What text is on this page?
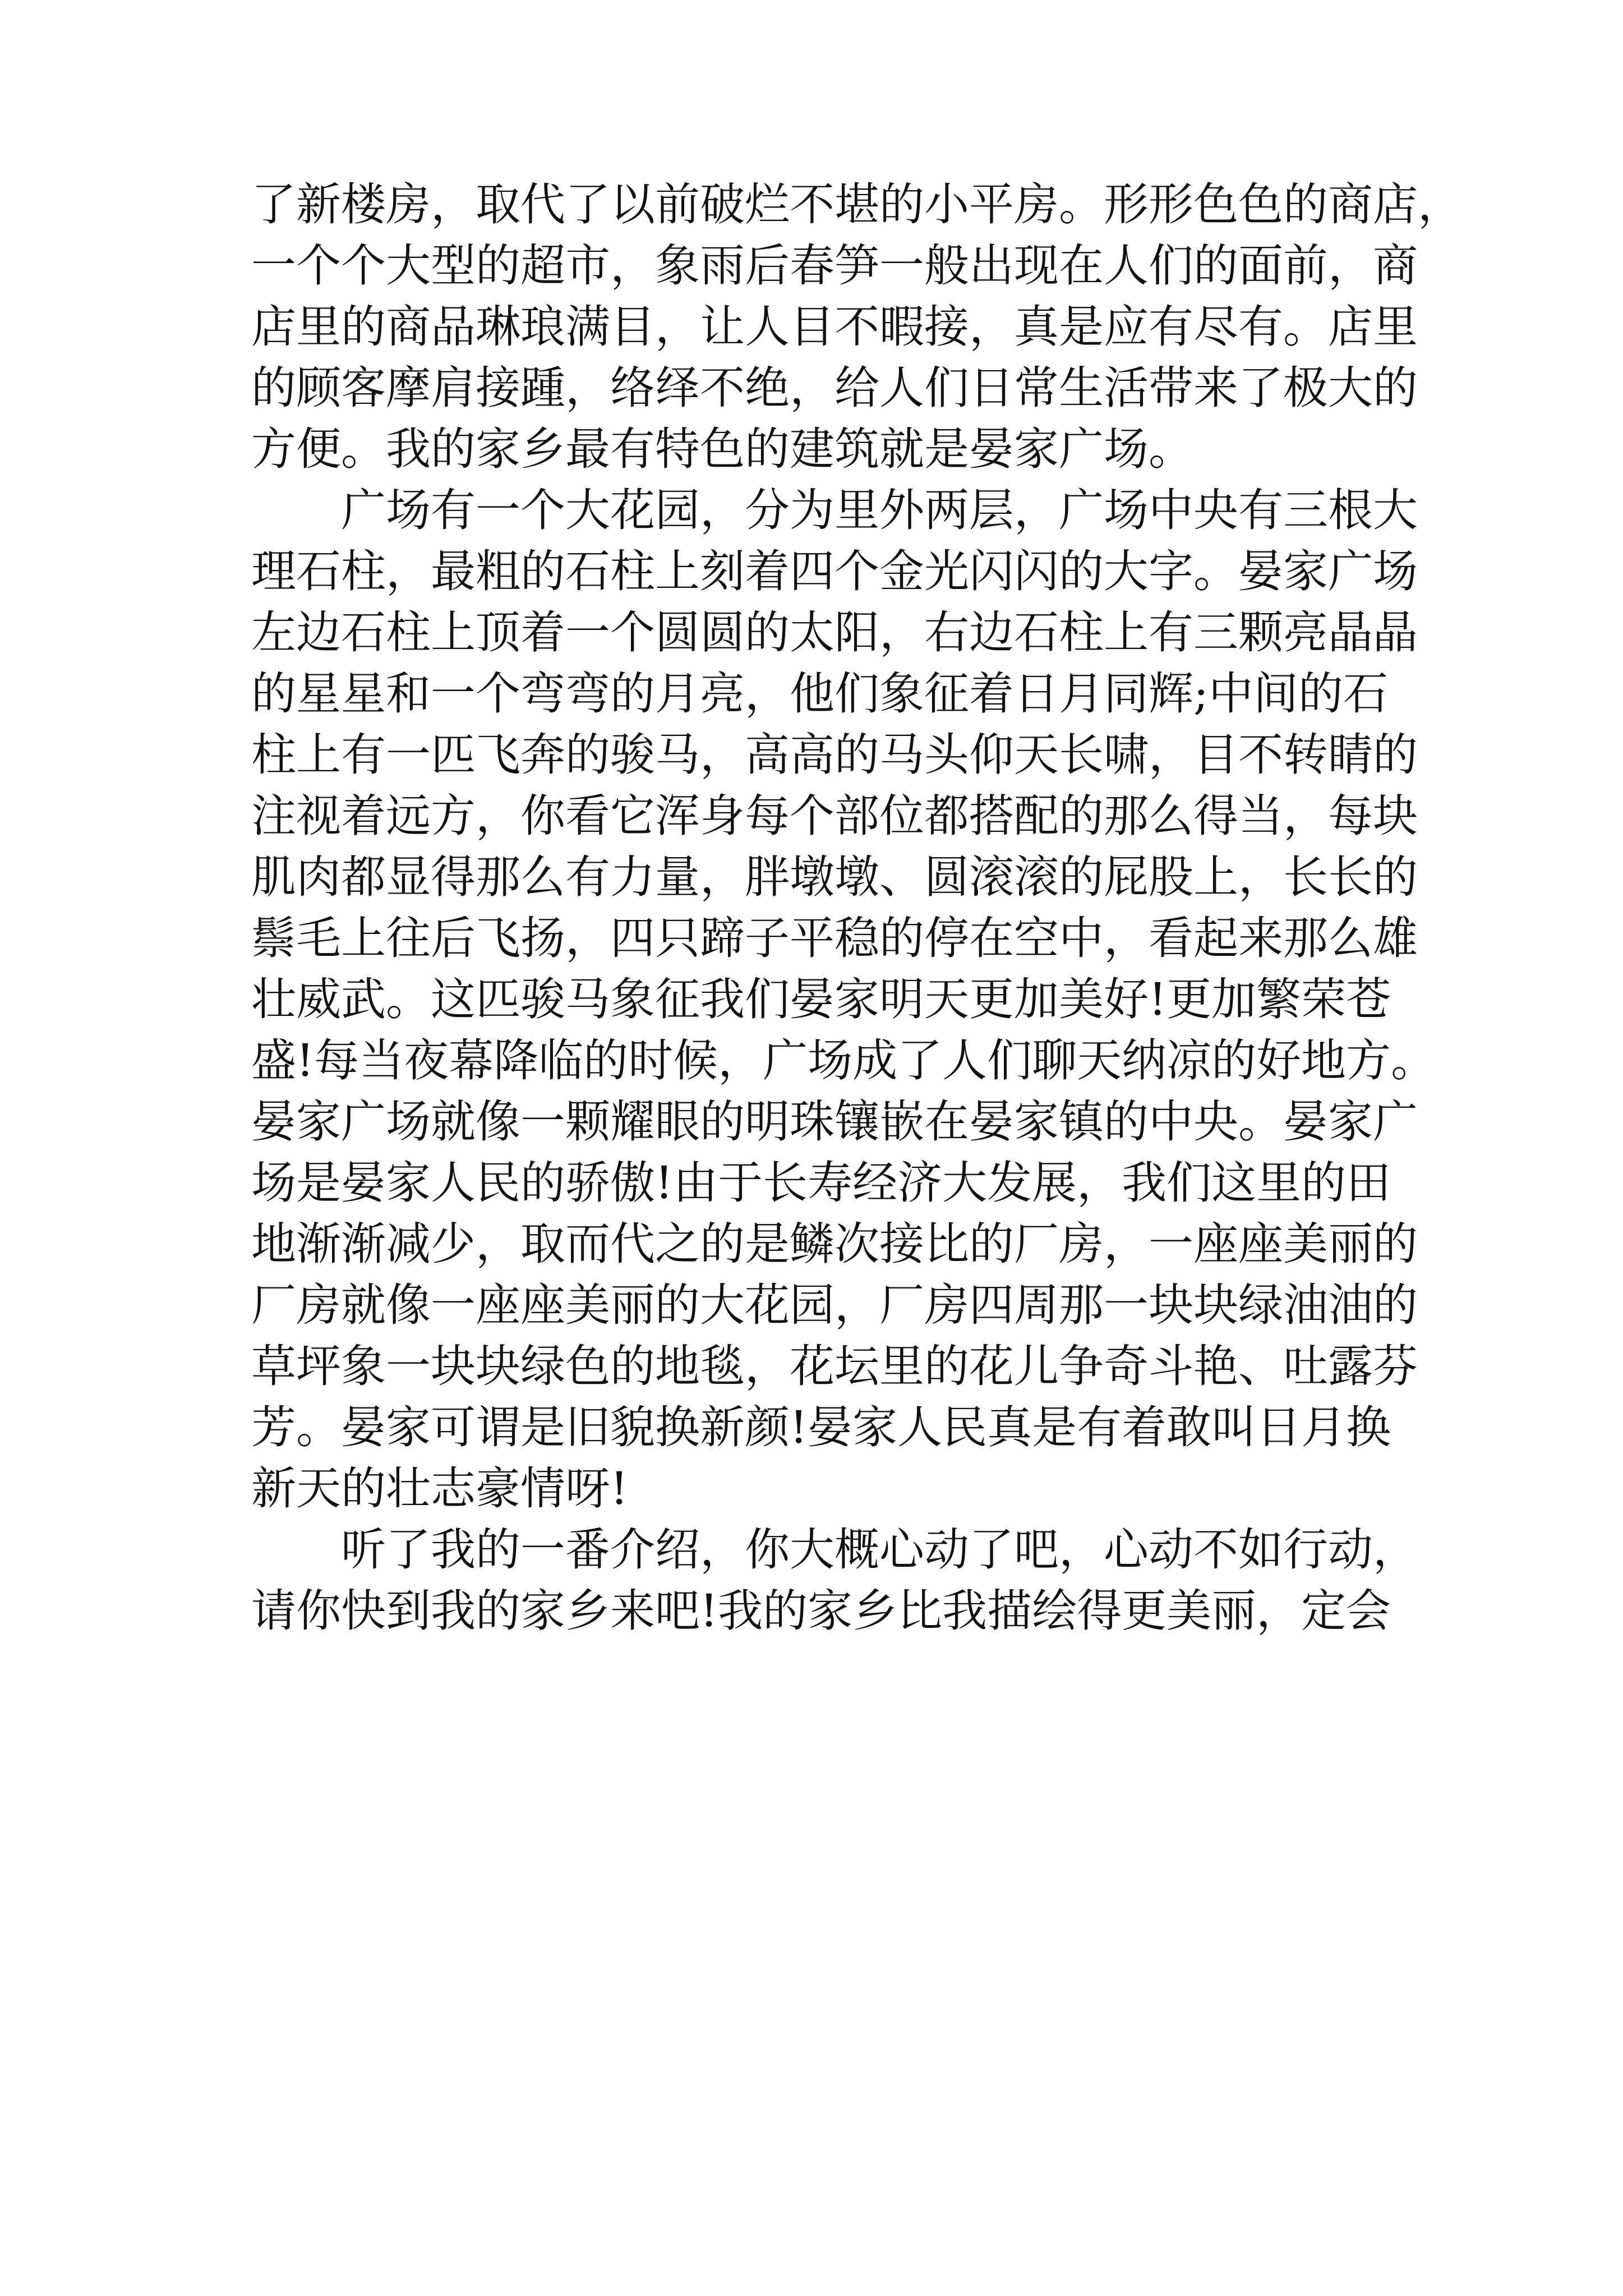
了新楼房，取代了以前破烂不堪的小平房。形形色色的商店，
一个个大型的超市，象雨后春笋一般出现在人们的面前，商
店里的商品琳琅满目，让人目不暇接，真是应有尽有。店里
的顾客摩肩接踵，络绎不绝，给人们日常生活带来了极大的
方便。我的家乡最有特色的建筑就是晏家广场。
　　广场有一个大花园，分为里外两层，广场中央有三根大
理石柱，最粗的石柱上刻着四个金光闪闪的大字。晏家广场
左边石柱上顶着一个圆圆的太阳，右边石柱上有三颗亮晶晶
的星星和一个弯弯的月亮，他们象征着日月同辉;中间的石
柱上有一匹飞奔的骏马，高高的马头仰天长啸，目不转睛的
注视着远方，你看它浑身每个部位都搭配的那么得当，每块
肌肉都显得那么有力量，胖墩墩、圆滚滚的屁股上，长长的
鬃毛上往后飞扬，四只蹄子平稳的停在空中，看起来那么雄
壮威武。这匹骏马象征我们晏家明天更加美好!更加繁荣苍
盛!每当夜幕降临的时候，广场成了人们聊天纳凉的好地方。
晏家广场就像一颗耀眼的明珠镶嵌在晏家镇的中央。晏家广
场是晏家人民的骄傲!由于长寿经济大发展，我们这里的田
地渐渐减少，取而代之的是鳞次接比的厂房，一座座美丽的
厂房就像一座座美丽的大花园，厂房四周那一块块绿油油的
草坪象一块块绿色的地毯，花坛里的花儿争奇斗艳、吐露芬
芳。晏家可谓是旧貌换新颜!晏家人民真是有着敢叫日月换
新天的壮志豪情呀!
　　听了我的一番介绍，你大概心动了吧，心动不如行动，
请你快到我的家乡来吧!我的家乡比我描绘得更美丽，定会
